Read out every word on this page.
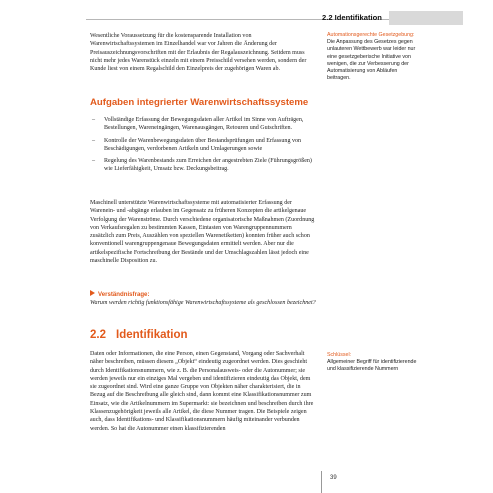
2.2 Identifikation

Wesentliche Voraussetzung für die kostensparende Installation von Warenwirtschaftssystemen im Einzelhandel war vor Jahren die Änderung der Preisauszeichnungsvorschriften mit der Erlaubnis der Regalauszeichnung. Seitdem muss nicht mehr jedes Warenstück einzeln mit einem Preisschild versehen werden, sondern der Kunde liest von einem Regalschild den Einzelpreis der zugehörigen Waren ab.

Aufgaben integrierter Warenwirtschaftssysteme
– Vollständige Erfassung der Bewegungsdaten aller Artikel im Sinne von Aufträgen, Bestellungen, Wareneingängen, Warenausgängen, Retouren und Gutschriften.
– Kontrolle der Warenbewegungsdaten über Bestandsprüfungen und Erfassung von Beschädigungen, verdorbenen Artikeln und Umlagerungen sowie
– Regelung des Warenbestands zum Erreichen der angestrebten Ziele (Führungsgrößen) wie Lieferfähigkeit, Umsatz bzw. Deckungsbeitrag.

Maschinell unterstützte Warenwirtschaftssysteme mit automatisierter Erfassung der Warenein- und -abgänge erlauben im Gegensatz zu früheren Konzepten die artikelgenaue Verfolgung der Warenströme. Durch verschiedene organisatorische Maßnahmen (Zuordnung von Verkaufsregalen zu bestimmten Kassen, Eintasten von Warengruppennummern zusätzlich zum Preis, Auszählen von speziellen Warenetiketten) konnten früher auch schon konventionell warengruppengenaue Bewegungsdaten ermittelt werden. Aber nur die artikelspezifische Fortschreibung der Bestände und der Umschlagszahlen lässt jedoch eine maschinelle Disposition zu.

Verständnisfrage:
Warum werden richtig funktionsfähige Warenwirtschaftssysteme als geschlossen bezeichnet?
2.2 Identifikation

Daten oder Informationen, die eine Person, einen Gegenstand, Vorgang oder Sachverhalt näher beschreiben, müssen diesem „Objekt“ eindeutig zugeordnet werden. Dies geschieht durch Identifikationsnummern, wie z. B. die Personalausweis- oder die Autonummer; sie werden jeweils nur ein einziges Mal vergeben und identifizieren eindeutig das Objekt, dem sie zugeordnet sind. Wird eine ganze Gruppe von Objekten näher charakterisiert, die in Bezug auf die Beschreibung alle gleich sind, dann kommt eine Klassifikationsnummer zum Einsatz, wie die Artikelnummern im Supermarkt: sie bezeichnen und beschreiben durch ihre Klassenzugehörigkeit jeweils alle Artikel, die diese Nummer tragen. Die Beispiele zeigen auch, dass Identifikations- und Klassifikationsnummern häufig miteinander verbunden werden. So hat die Autonummer einen klassifizierenden

Automationsgerechte Gesetzgebung:
Die Anpassung des Gesetzes gegen unlauteren Wettbewerb war leider nur eine gesetzgeberische Initiative von wenigen, die zur Verbesserung der Automatisierung von Abläufen beitragen.
Schlüssel:
Allgemeiner Begriff für identifizierende und klassifizierende Nummern
39
